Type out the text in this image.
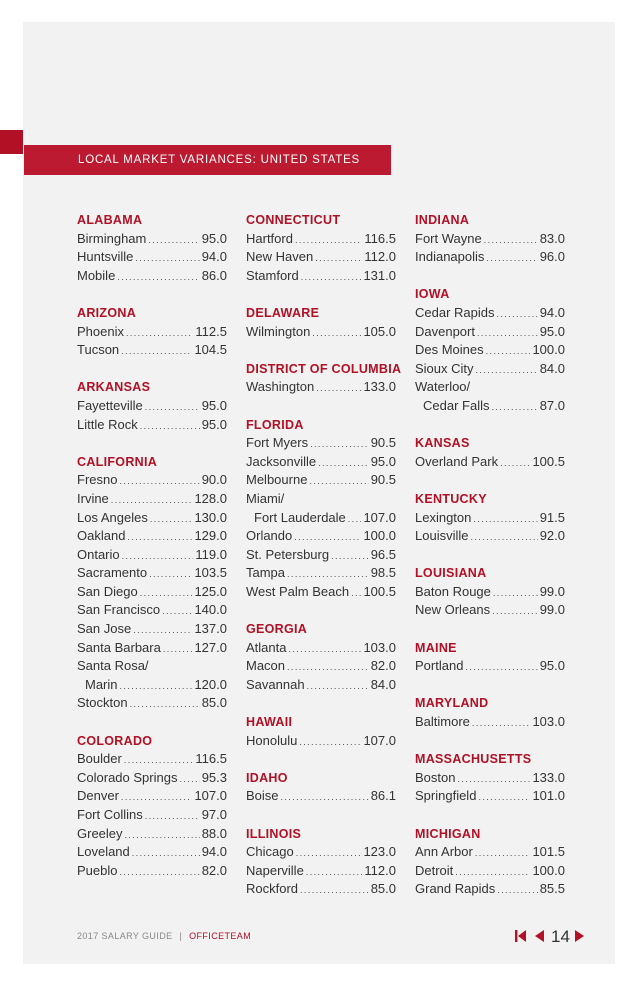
LOCAL MARKET VARIANCES: UNITED STATES
ALABAMA
Birmingham .....	95.0
Huntsville .....	94.0
Mobile .....	86.0
ARIZONA
Phoenix .....	112.5
Tucson .....	104.5
ARKANSAS
Fayetteville .....	95.0
Little Rock .....	95.0
CALIFORNIA
Fresno .....	90.0
Irvine .....	128.0
Los Angeles .....	130.0
Oakland .....	129.0
Ontario .....	119.0
Sacramento .....	103.5
San Diego .....	125.0
San Francisco .....	140.0
San Jose .....	137.0
Santa Barbara .....	127.0
Santa Rosa/
Marin .....	120.0
Stockton .....	85.0
COLORADO
Boulder .....	116.5
Colorado Springs ..... 95.3
Denver .....	107.0
Fort Collins .....	97.0
Greeley .....	88.0
Loveland .....	94.0
Pueblo .....	82.0
CONNECTICUT
Hartford .....	116.5
New Haven .....	112.0
Stamford .....	131.0
DELAWARE
Wilmington .....	105.0
DISTRICT OF COLUMBIA
Washington .....	133.0
FLORIDA
Fort Myers .....	90.5
Jacksonville .....	95.0
Melbourne .....	90.5
Miami/
Fort Lauderdale ..... 107.0
Orlando .....	100.0
St. Petersburg .....	96.5
Tampa .....	98.5
West Palm Beach ..... 100.5
GEORGIA
Atlanta .....	103.0
Macon .....	82.0
Savannah .....	84.0
HAWAII
Honolulu .....	107.0
IDAHO
Boise .....	86.1
ILLINOIS
Chicago .....	123.0
Naperville .....	112.0
Rockford .....	85.0
INDIANA
Fort Wayne .....	83.0
Indianapolis .....	96.0
IOWA
Cedar Rapids .....	94.0
Davenport .....	95.0
Des Moines .....	100.0
Sioux City .....	84.0
Waterloo/
Cedar Falls .....	87.0
KANSAS
Overland Park .....	100.5
KENTUCKY
Lexington .....	91.5
Louisville .....	92.0
LOUISIANA
Baton Rouge .....	99.0
New Orleans .....	99.0
MAINE
Portland .....	95.0
MARYLAND
Baltimore .....	103.0
MASSACHUSETTS
Boston .....	133.0
Springfield .....	101.0
MICHIGAN
Ann Arbor .....	101.5
Detroit .....	100.0
Grand Rapids .....	85.5
2017 SALARY GUIDE | OFFICETEAM	14
